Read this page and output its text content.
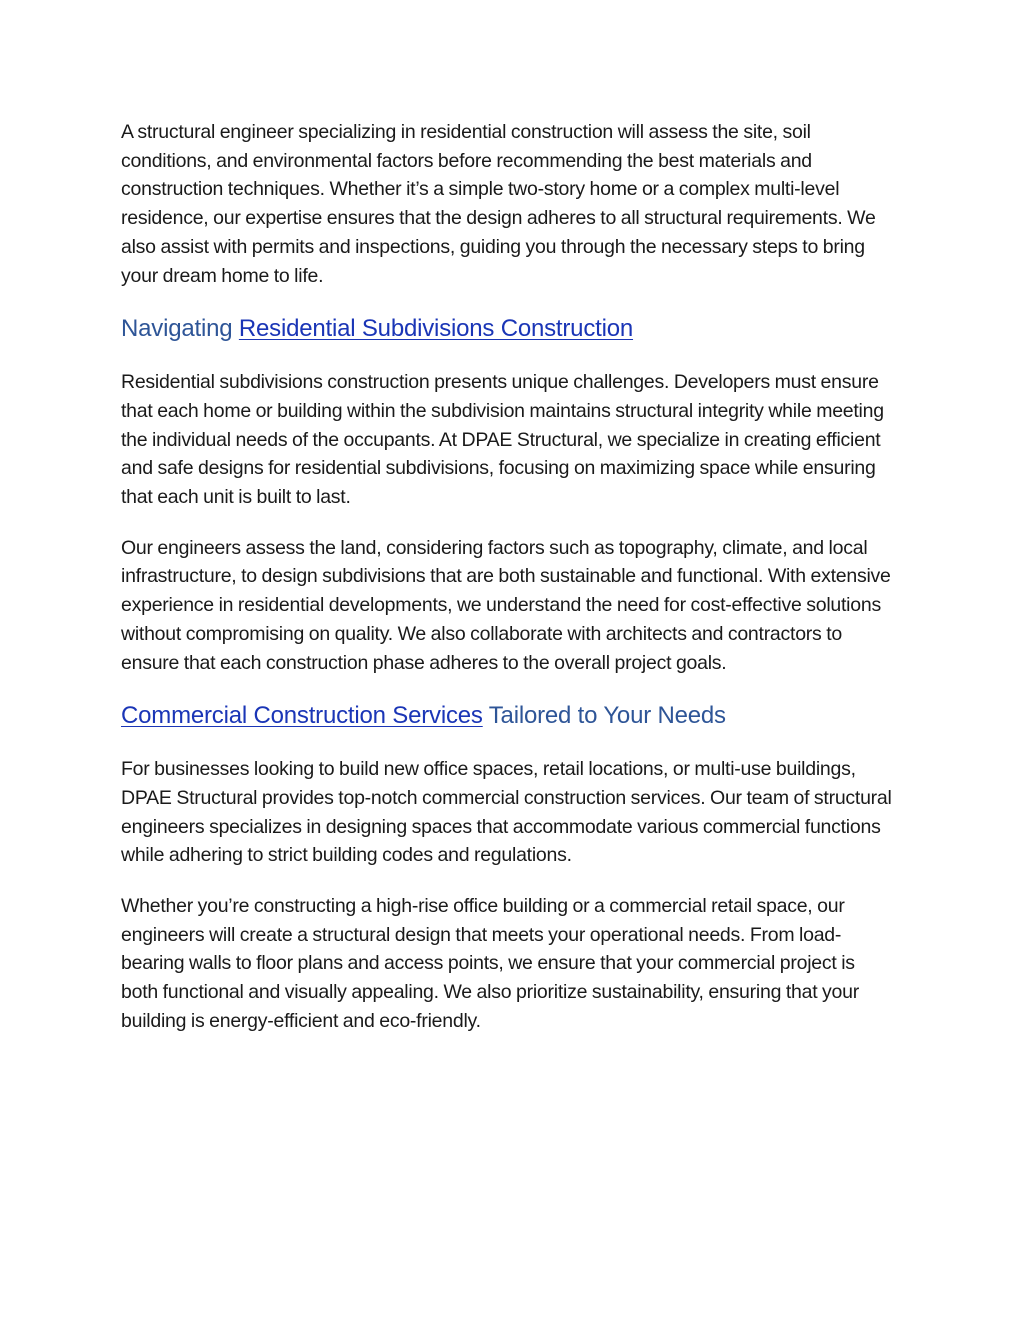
A structural engineer specializing in residential construction will assess the site, soil conditions, and environmental factors before recommending the best materials and construction techniques. Whether it’s a simple two-story home or a complex multi-level residence, our expertise ensures that the design adheres to all structural requirements. We also assist with permits and inspections, guiding you through the necessary steps to bring your dream home to life.

Navigating Residential Subdivisions Construction

Residential subdivisions construction presents unique challenges. Developers must ensure that each home or building within the subdivision maintains structural integrity while meeting the individual needs of the occupants. At DPAE Structural, we specialize in creating efficient and safe designs for residential subdivisions, focusing on maximizing space while ensuring that each unit is built to last.

Our engineers assess the land, considering factors such as topography, climate, and local infrastructure, to design subdivisions that are both sustainable and functional. With extensive experience in residential developments, we understand the need for cost-effective solutions without compromising on quality. We also collaborate with architects and contractors to ensure that each construction phase adheres to the overall project goals.

Commercial Construction Services Tailored to Your Needs

For businesses looking to build new office spaces, retail locations, or multi-use buildings, DPAE Structural provides top-notch commercial construction services. Our team of structural engineers specializes in designing spaces that accommodate various commercial functions while adhering to strict building codes and regulations.

Whether you’re constructing a high-rise office building or a commercial retail space, our engineers will create a structural design that meets your operational needs. From load-bearing walls to floor plans and access points, we ensure that your commercial project is both functional and visually appealing. We also prioritize sustainability, ensuring that your building is energy-efficient and eco-friendly.
